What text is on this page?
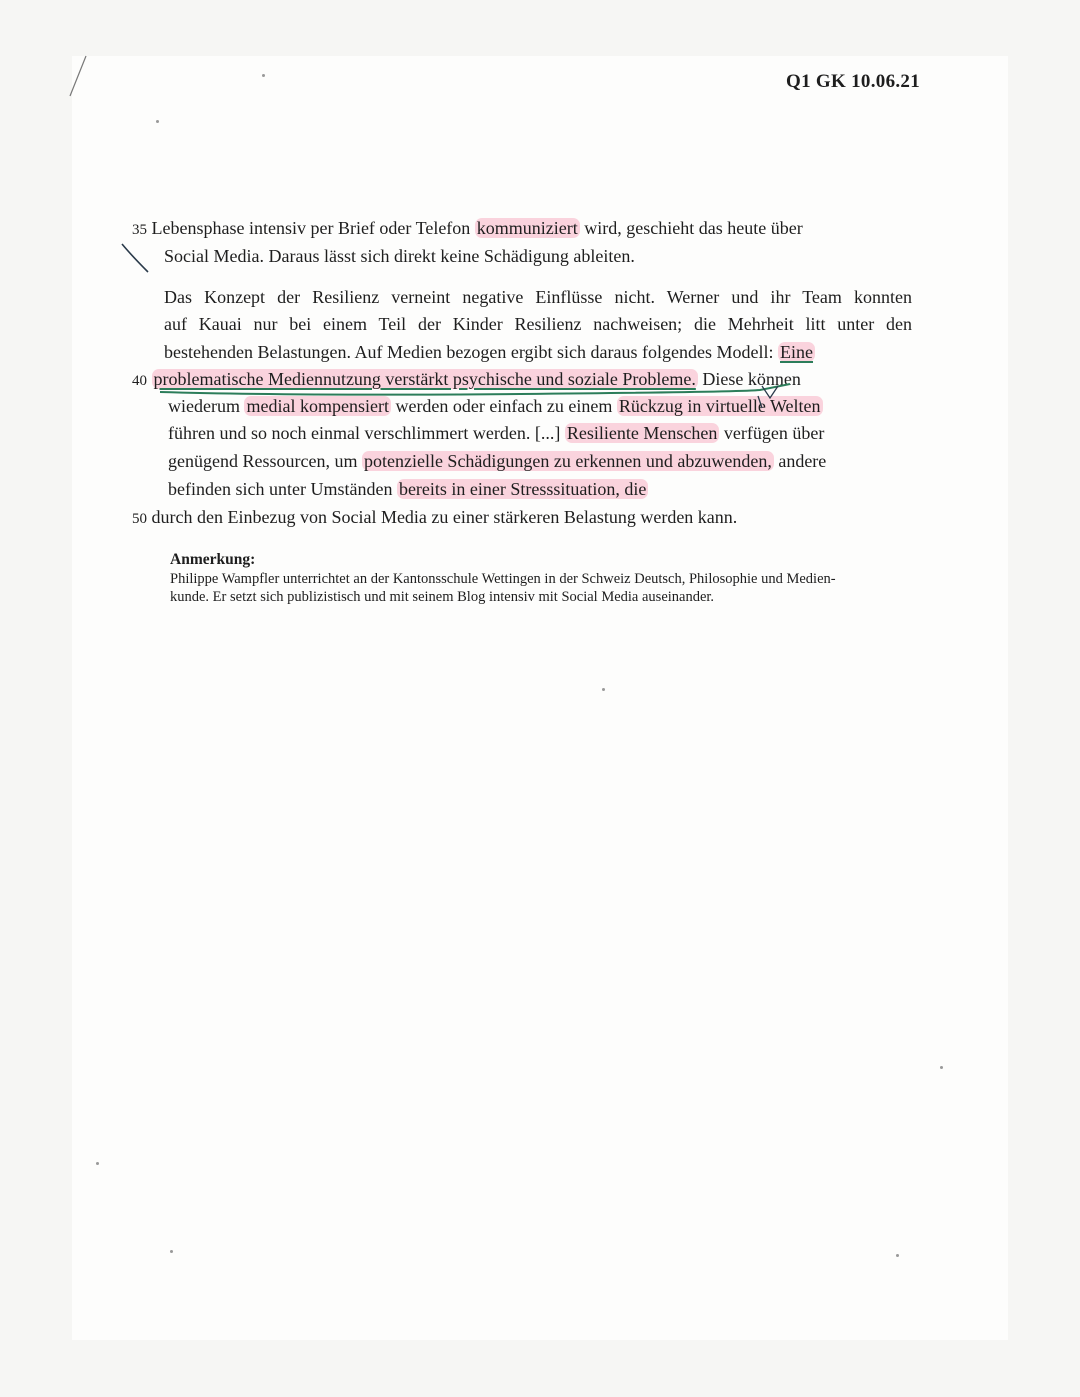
Q1 GK 10.06.21
35 Lebensphase intensiv per Brief oder Telefon kommuniziert wird, geschieht das heute über
Social Media. Daraus lässt sich direkt keine Schädigung ableiten.
Das Konzept der Resilienz verneint negative Einflüsse nicht. Werner und ihr Team konnten
auf Kauai nur bei einem Teil der Kinder Resilienz nachweisen; die Mehrheit litt unter den
bestehenden Belastungen. Auf Medien bezogen ergibt sich daraus folgendes Modell: Eine
40 problematische Mediennutzung verstärkt psychische und soziale Probleme. Diese können
wiederum medial kompensiert werden oder einfach zu einem Rückzug in virtuelle Welten
führen und so noch einmal verschlimmert werden. [...] Resiliente Menschen verfügen über
genügend Ressourcen, um potenzielle Schädigungen zu erkennen und abzuwenden, andere
befinden sich unter Umständen bereits in einer Stresssituation, die
50 durch den Einbezug von Social Media zu einer stärkeren Belastung werden kann.
Anmerkung:
Philippe Wampfler unterrichtet an der Kantonsschule Wettingen in der Schweiz Deutsch, Philosophie und Medien-
kunde. Er setzt sich publizistisch und mit seinem Blog intensiv mit Social Media auseinander.
